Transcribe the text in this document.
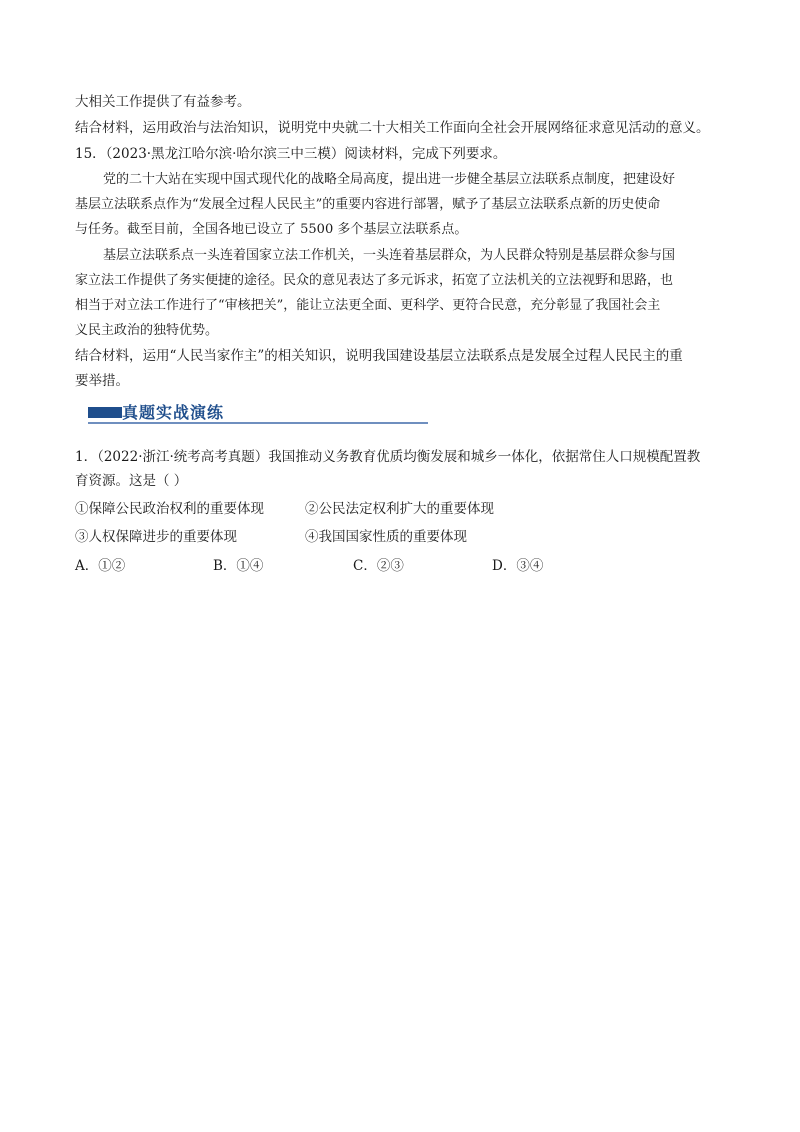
大相关工作提供了有益参考。
结合材料，运用政治与法治知识，说明党中央就二十大相关工作面向全社会开展网络征求意见活动的意义。
15．（2023·黑龙江哈尔滨·哈尔滨三中三模）阅读材料，完成下列要求。
党的二十大站在实现中国式现代化的战略全局高度，提出进一步健全基层立法联系点制度，把建设好
基层立法联系点作为“发展全过程人民民主”的重要内容进行部署，赋予了基层立法联系点新的历史使命
与任务。截至目前，全国各地已设立了 5500 多个基层立法联系点。
基层立法联系点一头连着国家立法工作机关，一头连着基层群众，为人民群众特别是基层群众参与国
家立法工作提供了务实便捷的途径。民众的意见表达了多元诉求，拓宽了立法机关的立法视野和思路，也
相当于对立法工作进行了“审核把关”，能让立法更全面、更科学、更符合民意，充分彰显了我国社会主
义民主政治的独特优势。
结合材料，运用“人民当家作主”的相关知识，说明我国建设基层立法联系点是发展全过程人民民主的重
要举措。
真题实战演练
1．（2022·浙江·统考高考真题）我国推动义务教育优质均衡发展和城乡一体化，依据常住人口规模配置教
育资源。这是（ ）
①保障公民政治权利的重要体现	②公民法定权利扩大的重要体现
③人权保障进步的重要体现	④我国国家性质的重要体现
A．①②	B．①④	C．②③	D．③④
